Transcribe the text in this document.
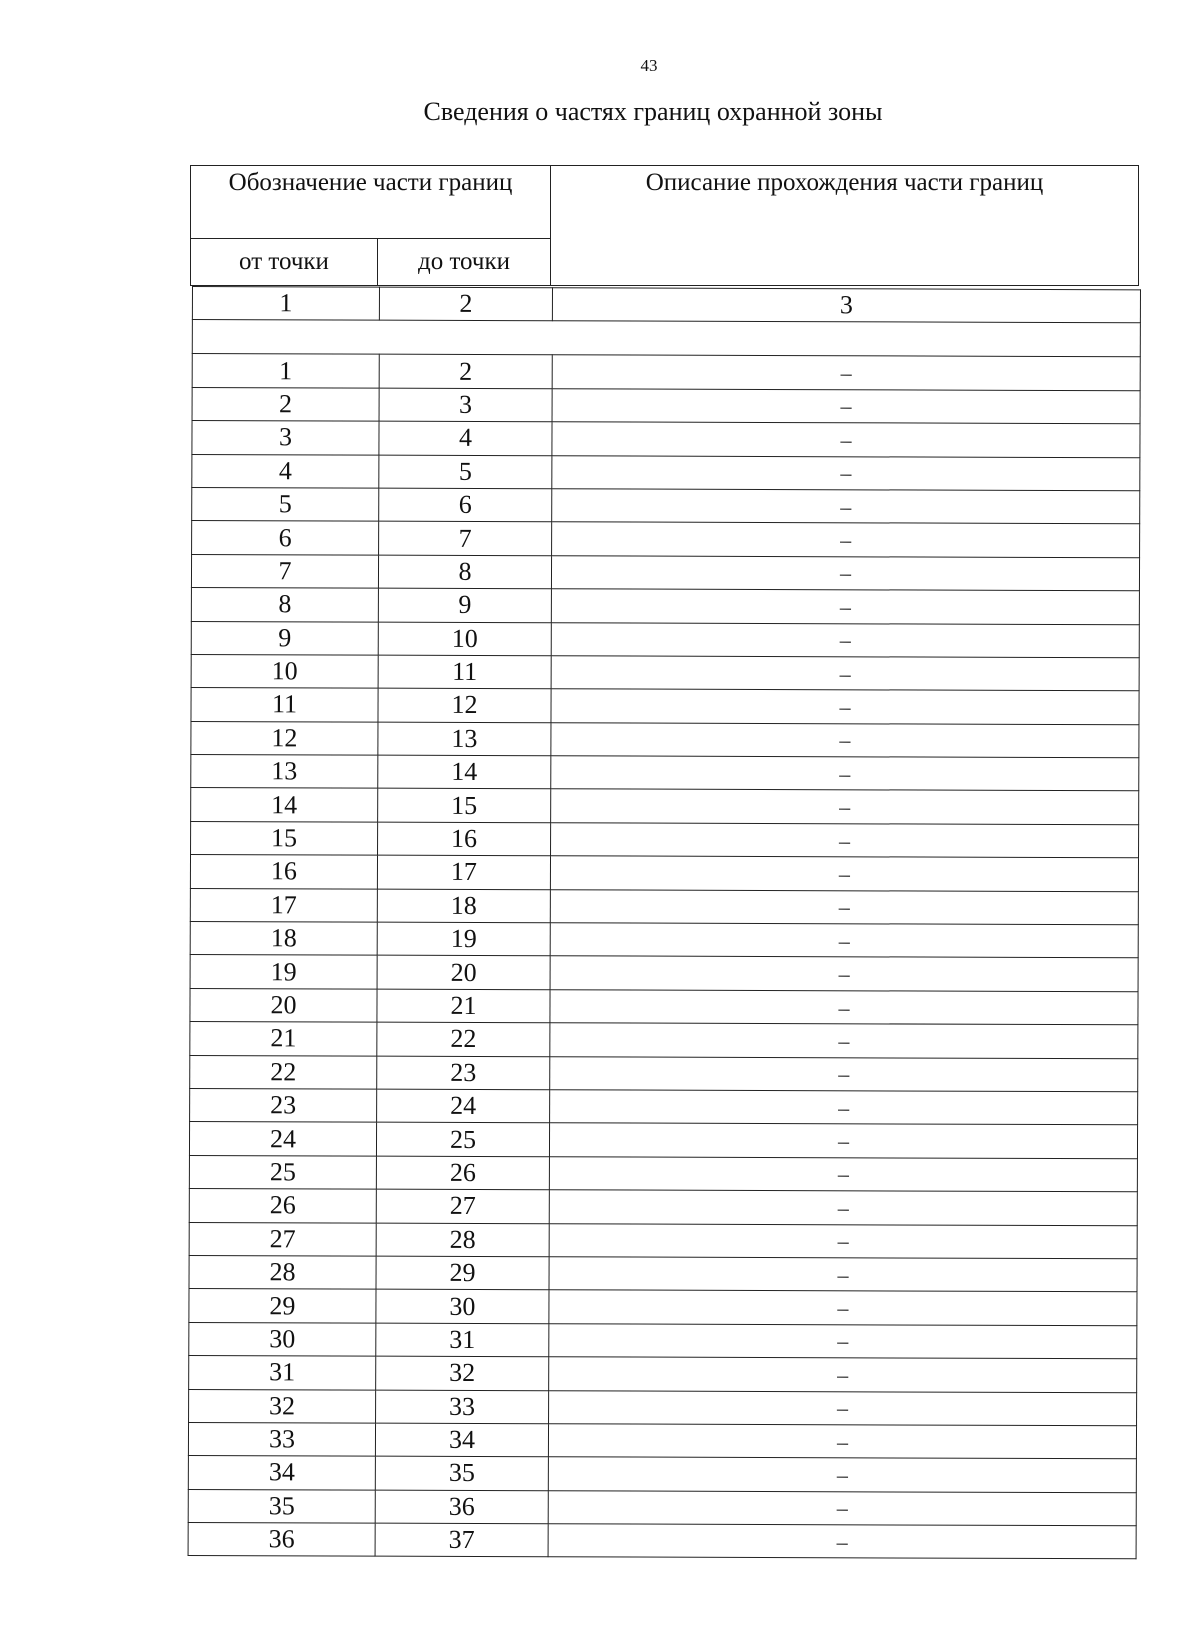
43
Сведения о частях границ охранной зоны
Обозначение части границ		Описание прохождения части границ
от точки	до точки	
1	2	3

1	2	–
2	3	–
3	4	–
4	5	–
5	6	–
6	7	–
7	8	–
8	9	–
9	10	–
10	11	–
11	12	–
12	13	–
13	14	–
14	15	–
15	16	–
16	17	–
17	18	–
18	19	–
19	20	–
20	21	–
21	22	–
22	23	–
23	24	–
24	25	–
25	26	–
26	27	–
27	28	–
28	29	–
29	30	–
30	31	–
31	32	–
32	33	–
33	34	–
34	35	–
35	36	–
36	37	–
